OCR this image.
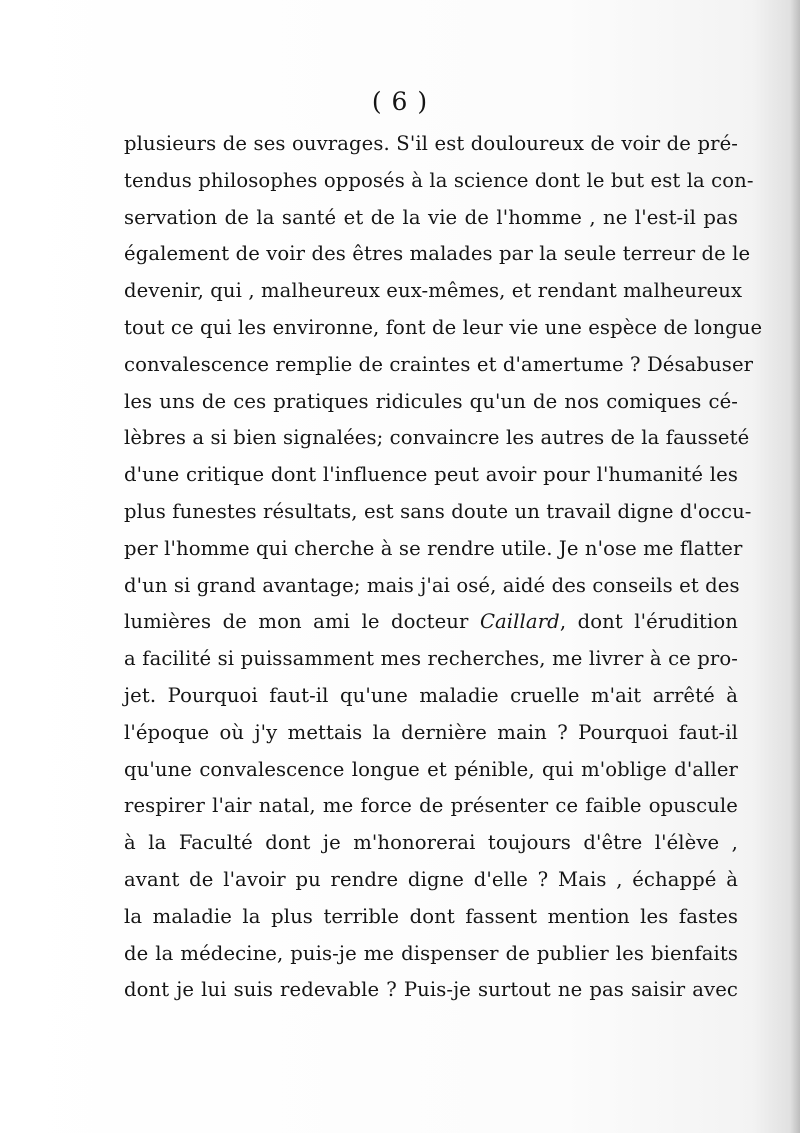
( 6 )
plusieurs de ses ouvrages. S'il est douloureux de voir de pré-
tendus philosophes opposés à la science dont le but est la con-
servation de la santé et de la vie de l'homme , ne l'est-il pas
également de voir des êtres malades par la seule terreur de le
devenir, qui , malheureux eux-mêmes, et rendant malheureux
tout ce qui les environne, font de leur vie une espèce de longue
convalescence remplie de craintes et d'amertume ? Désabuser
les uns de ces pratiques ridicules qu'un de nos comiques cé-
lèbres a si bien signalées; convaincre les autres de la fausseté
d'une critique dont l'influence peut avoir pour l'humanité les
plus funestes résultats, est sans doute un travail digne d'occu-
per l'homme qui cherche à se rendre utile. Je n'ose me flatter
d'un si grand avantage; mais j'ai osé, aidé des conseils et des
lumières de mon ami le docteur Caillard, dont l'érudition
a facilité si puissamment mes recherches, me livrer à ce pro-
jet. Pourquoi faut-il qu'une maladie cruelle m'ait arrêté à
l'époque où j'y mettais la dernière main ? Pourquoi faut-il
qu'une convalescence longue et pénible, qui m'oblige d'aller
respirer l'air natal, me force de présenter ce faible opuscule
à la Faculté dont je m'honorerai toujours d'être l'élève ,
avant de l'avoir pu rendre digne d'elle ? Mais , échappé à
la maladie la plus terrible dont fassent mention les fastes
de la médecine, puis-je me dispenser de publier les bienfaits
dont je lui suis redevable ? Puis-je surtout ne pas saisir avec
